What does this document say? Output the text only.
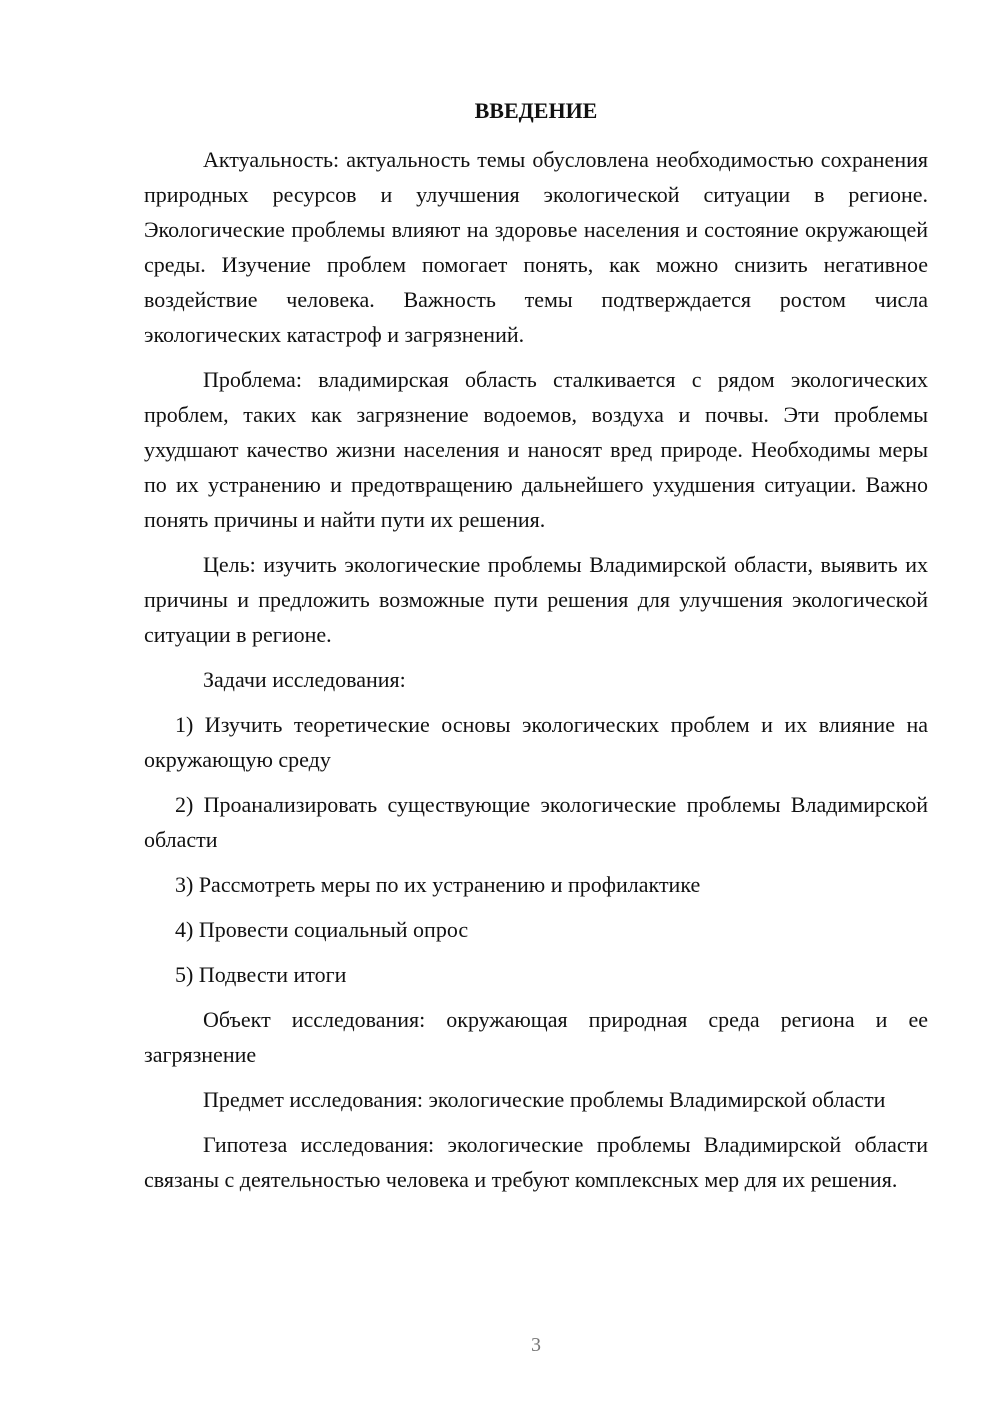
ВВЕДЕНИЕ

Актуальность: актуальность темы обусловлена необходимостью сохранения природных ресурсов и улучшения экологической ситуации в регионе. Экологические проблемы влияют на здоровье населения и состояние окружающей среды. Изучение проблем помогает понять, как можно снизить негативное воздействие человека. Важность темы подтверждается ростом числа экологических катастроф и загрязнений.

Проблема: владимирская область сталкивается с рядом экологических проблем, таких как загрязнение водоемов, воздуха и почвы. Эти проблемы ухудшают качество жизни населения и наносят вред природе. Необходимы меры по их устранению и предотвращению дальнейшего ухудшения ситуации. Важно понять причины и найти пути их решения.

Цель: изучить экологические проблемы Владимирской области, выявить их причины и предложить возможные пути решения для улучшения экологической ситуации в регионе.

Задачи исследования:

1) Изучить теоретические основы экологических проблем и их влияние на окружающую среду

2) Проанализировать существующие экологические проблемы Владимирской области

3) Рассмотреть меры по их устранению и профилактике

4) Провести социальный опрос

5) Подвести итоги

Объект исследования: окружающая природная среда региона и ее загрязнение

Предмет исследования: экологические проблемы Владимирской области

Гипотеза исследования: экологические проблемы Владимирской области связаны с деятельностью человека и требуют комплексных мер для их решения.

3
